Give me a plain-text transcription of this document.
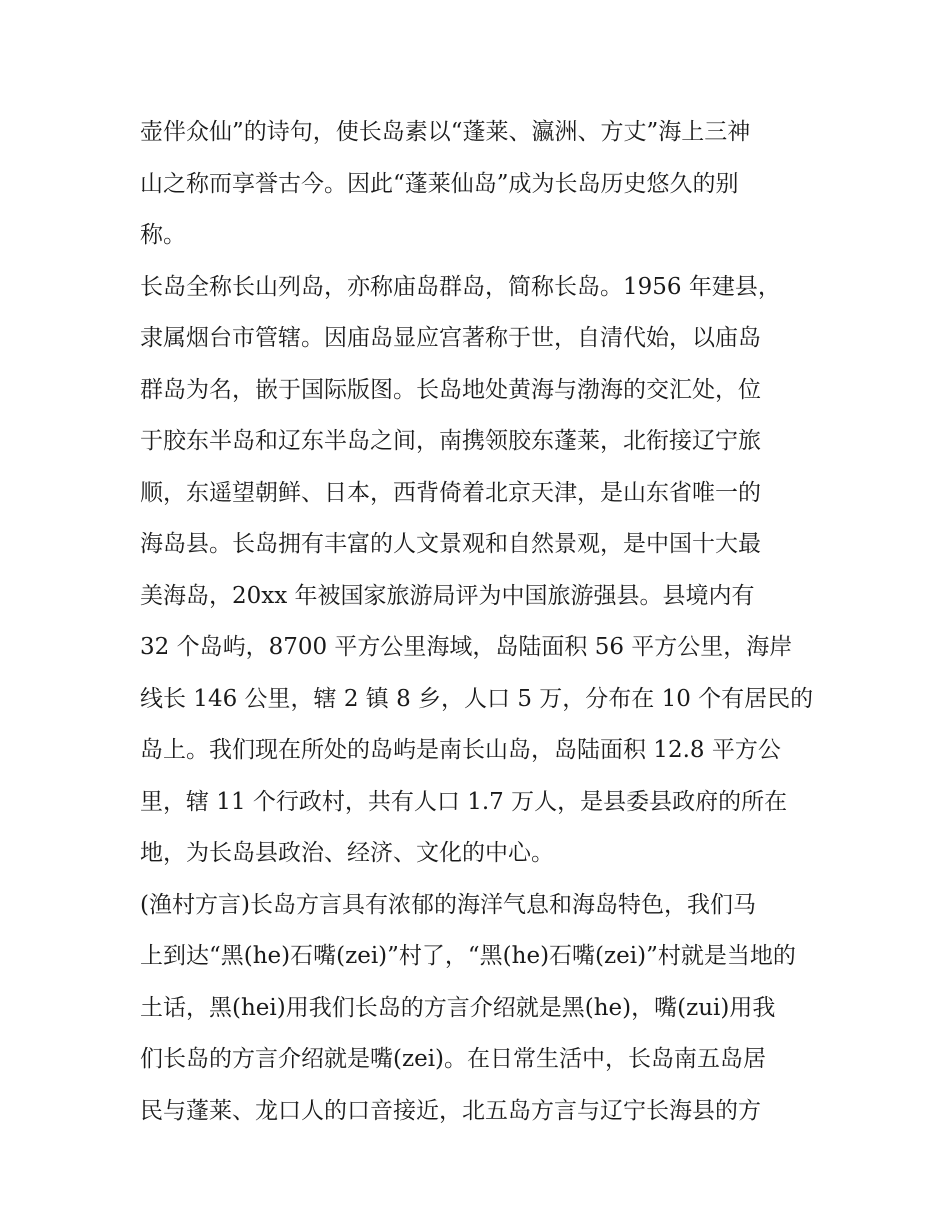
壶伴众仙”的诗句，使长岛素以“蓬莱、瀛洲、方丈”海上三神
山之称而享誉古今。因此“蓬莱仙岛”成为长岛历史悠久的别
称。
长岛全称长山列岛，亦称庙岛群岛，简称长岛。1956 年建县，
隶属烟台市管辖。因庙岛显应宫著称于世，自清代始，以庙岛
群岛为名，嵌于国际版图。长岛地处黄海与渤海的交汇处，位
于胶东半岛和辽东半岛之间，南携领胶东蓬莱，北衔接辽宁旅
顺，东遥望朝鲜、日本，西背倚着北京天津，是山东省唯一的
海岛县。长岛拥有丰富的人文景观和自然景观，是中国十大最
美海岛，20xx 年被国家旅游局评为中国旅游强县。县境内有
32 个岛屿，8700 平方公里海域，岛陆面积 56 平方公里，海岸
线长 146 公里，辖 2 镇 8 乡，人口 5 万，分布在 10 个有居民的
岛上。我们现在所处的岛屿是南长山岛，岛陆面积 12.8 平方公
里，辖 11 个行政村，共有人口 1.7 万人，是县委县政府的所在
地，为长岛县政治、经济、文化的中心。
(渔村方言)长岛方言具有浓郁的海洋气息和海岛特色，我们马
上到达“黑(he)石嘴(zei)”村了，“黑(he)石嘴(zei)”村就是当地的
土话，黑(hei)用我们长岛的方言介绍就是黑(he)，嘴(zui)用我
们长岛的方言介绍就是嘴(zei)。在日常生活中，长岛南五岛居
民与蓬莱、龙口人的口音接近，北五岛方言与辽宁长海县的方
